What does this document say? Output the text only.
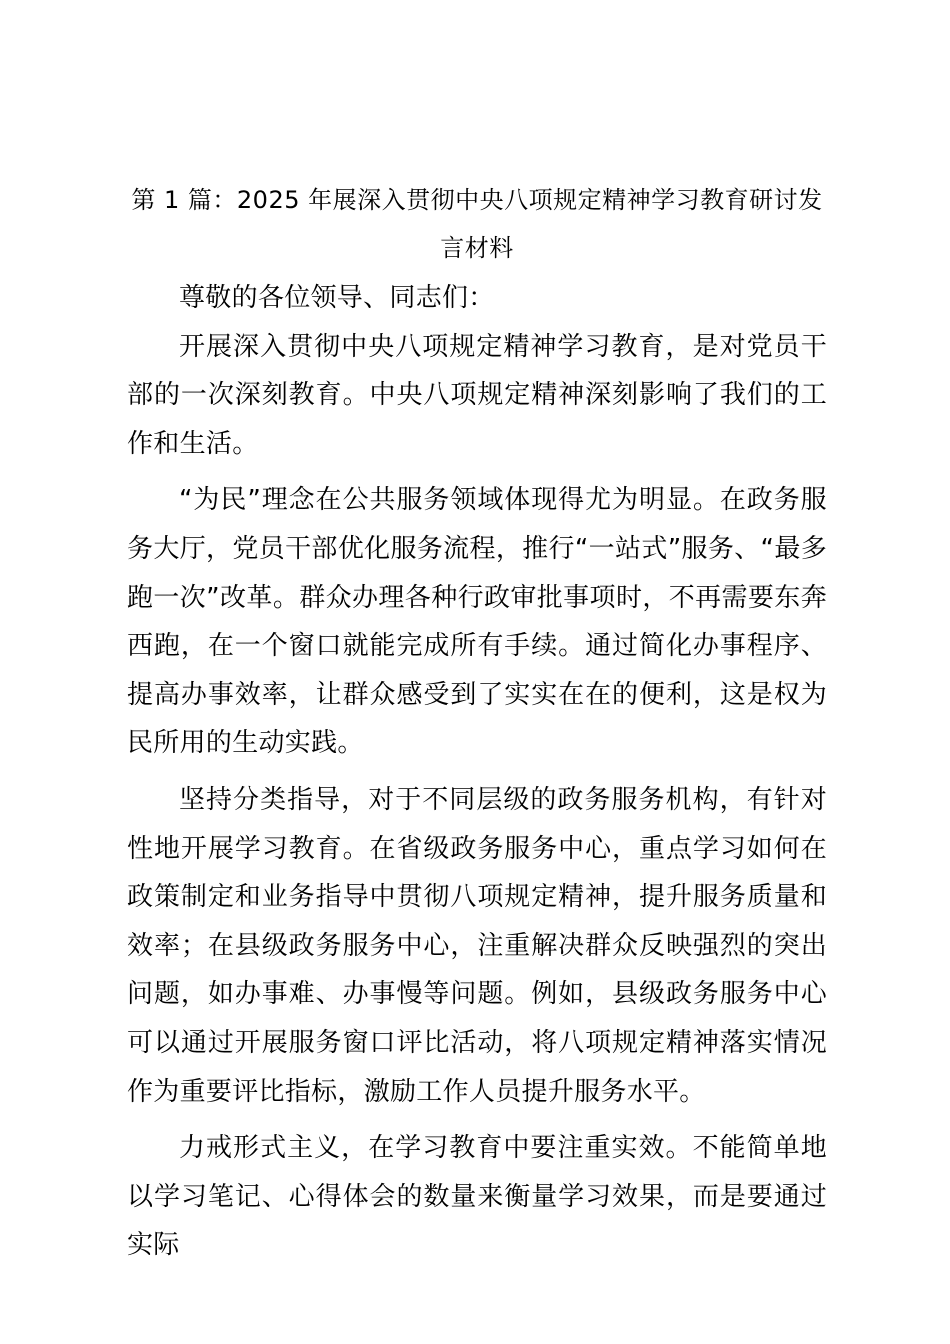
第 1 篇：2025 年展深入贯彻中央八项规定精神学习教育研讨发言材料

尊敬的各位领导、同志们：

开展深入贯彻中央八项规定精神学习教育，是对党员干部的一次深刻教育。中央八项规定精神深刻影响了我们的工作和生活。

“为民”理念在公共服务领域体现得尤为明显。在政务服务大厅，党员干部优化服务流程，推行“一站式”服务、“最多跑一次”改革。群众办理各种行政审批事项时，不再需要东奔西跑，在一个窗口就能完成所有手续。通过简化办事程序、提高办事效率，让群众感受到了实实在在的便利，这是权为民所用的生动实践。

坚持分类指导，对于不同层级的政务服务机构，有针对性地开展学习教育。在省级政务服务中心，重点学习如何在政策制定和业务指导中贯彻八项规定精神，提升服务质量和效率；在县级政务服务中心，注重解决群众反映强烈的突出问题，如办事难、办事慢等问题。例如，县级政务服务中心可以通过开展服务窗口评比活动，将八项规定精神落实情况作为重要评比指标，激励工作人员提升服务水平。

力戒形式主义，在学习教育中要注重实效。不能简单地以学习笔记、心得体会的数量来衡量学习效果，而是要通过实际
